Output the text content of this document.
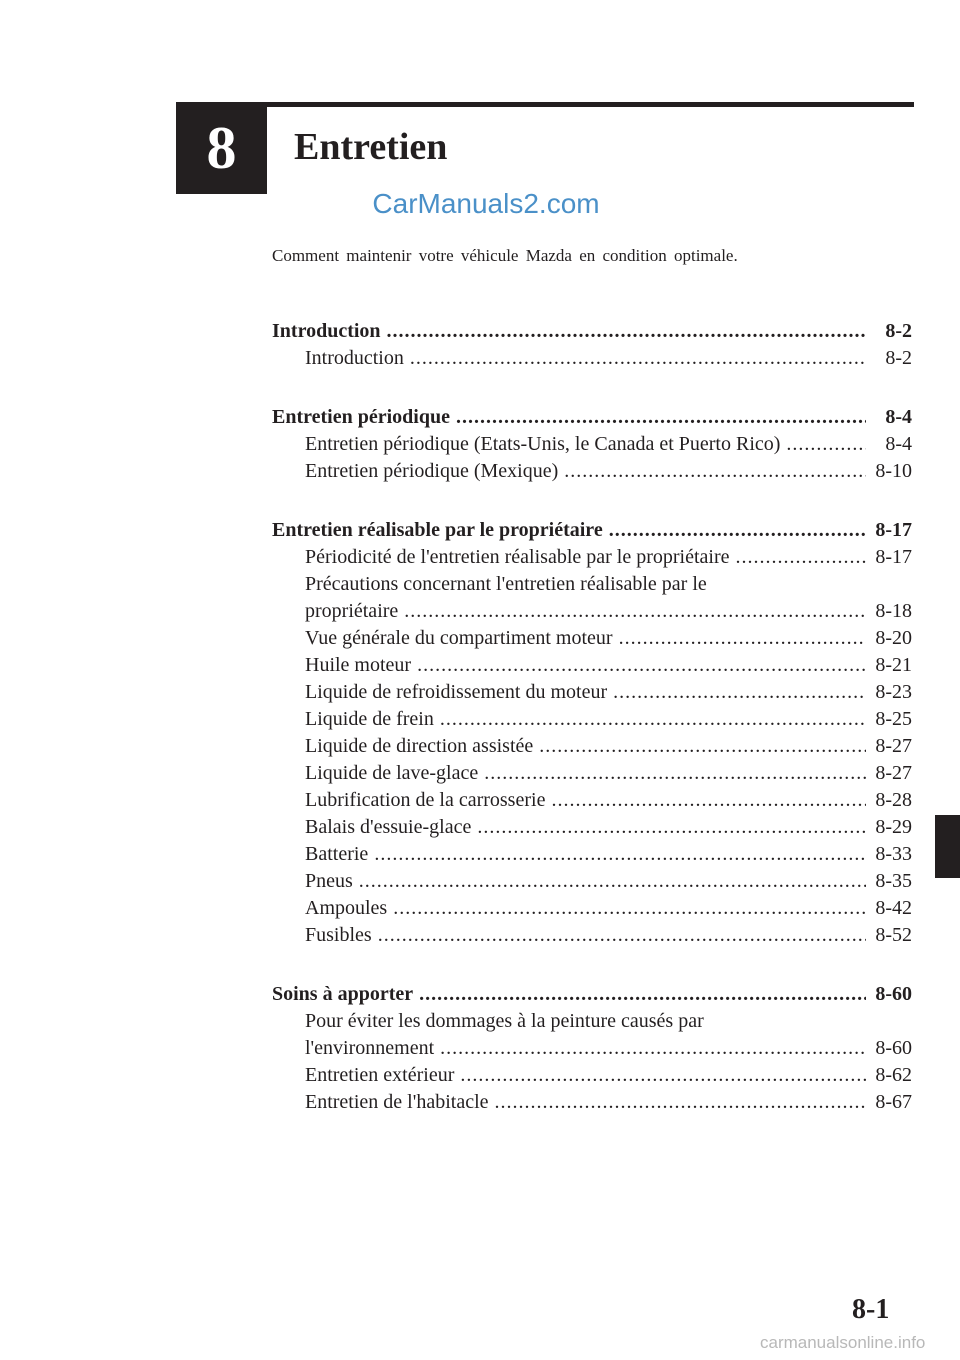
8 Entretien
CarManuals2.com
Comment maintenir votre véhicule Mazda en condition optimale.
Introduction .....	8-2
Introduction .....	8-2
Entretien périodique .....	8-4
Entretien périodique (Etats-Unis, le Canada et Puerto Rico) .....	8-4
Entretien périodique (Mexique) .....	8-10
Entretien réalisable par le propriétaire .....	8-17
Périodicité de l'entretien réalisable par le propriétaire .....	8-17
Précautions concernant l'entretien réalisable par le
propriétaire .....	8-18
Vue générale du compartiment moteur .....	8-20
Huile moteur .....	8-21
Liquide de refroidissement du moteur .....	8-23
Liquide de frein .....	8-25
Liquide de direction assistée .....	8-27
Liquide de lave-glace .....	8-27
Lubrification de la carrosserie .....	8-28
Balais d'essuie-glace .....	8-29
Batterie .....	8-33
Pneus .....	8-35
Ampoules .....	8-42
Fusibles .....	8-52
Soins à apporter .....	8-60
Pour éviter les dommages à la peinture causés par
l'environnement .....	8-60
Entretien extérieur .....	8-62
Entretien de l'habitacle .....	8-67
8-1
carmanualsonline.info
